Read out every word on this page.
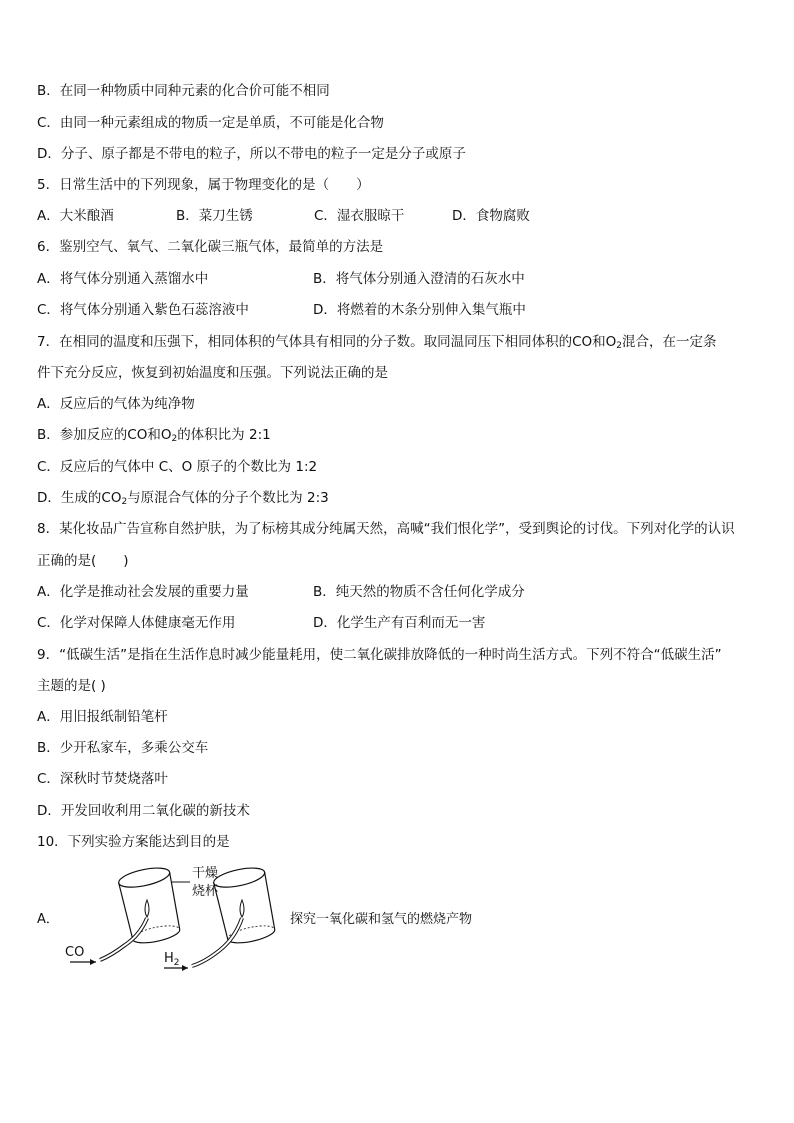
B．在同一种物质中同种元素的化合价可能不相同
C．由同一种元素组成的物质一定是单质，不可能是化合物
D．分子、原子都是不带电的粒子，所以不带电的粒子一定是分子或原子
5．日常生活中的下列现象，属于物理变化的是（　　）
A．大米酿酒	B．菜刀生锈	C．湿衣服晾干	D．食物腐败
6．鉴别空气、氧气、二氧化碳三瓶气体，最简单的方法是
A．将气体分别通入蒸馏水中	B．将气体分别通入澄清的石灰水中
C．将气体分别通入紫色石蕊溶液中	D．将燃着的木条分别伸入集气瓶中
7．在相同的温度和压强下，相同体积的气体具有相同的分子数。取同温同压下相同体积的CO和$O_2$混合，在一定条
件下充分反应，恢复到初始温度和压强。下列说法正确的是
A．反应后的气体为纯净物
B．参加反应的CO和$O_2$的体积比为 2:1
C．反应后的气体中 C、O 原子的个数比为 1:2
D．生成的$CO_2$与原混合气体的分子个数比为 2:3
8．某化妆品广告宣称自然护肤，为了标榜其成分纯属天然，高喊“我们恨化学”，受到舆论的讨伐。下列对化学的认识
正确的是(　　)
A．化学是推动社会发展的重要力量	B．纯天然的物质不含任何化学成分
C．化学对保障人体健康毫无作用	D．化学生产有百利而无一害
9．“低碳生活”是指在生活作息时减少能量耗用，使二氧化碳排放降低的一种时尚生活方式。下列不符合“低碳生活”
主题的是( )
A．用旧报纸制铅笔杆
B．少开私家车，多乘公交车
C．深秋时节焚烧落叶
D．开发回收利用二氧化碳的新技术
10．下列实验方案能达到目的是
A．
CO	$H_2$
干燥
烧杯
探究一氧化碳和氢气的燃烧产物
